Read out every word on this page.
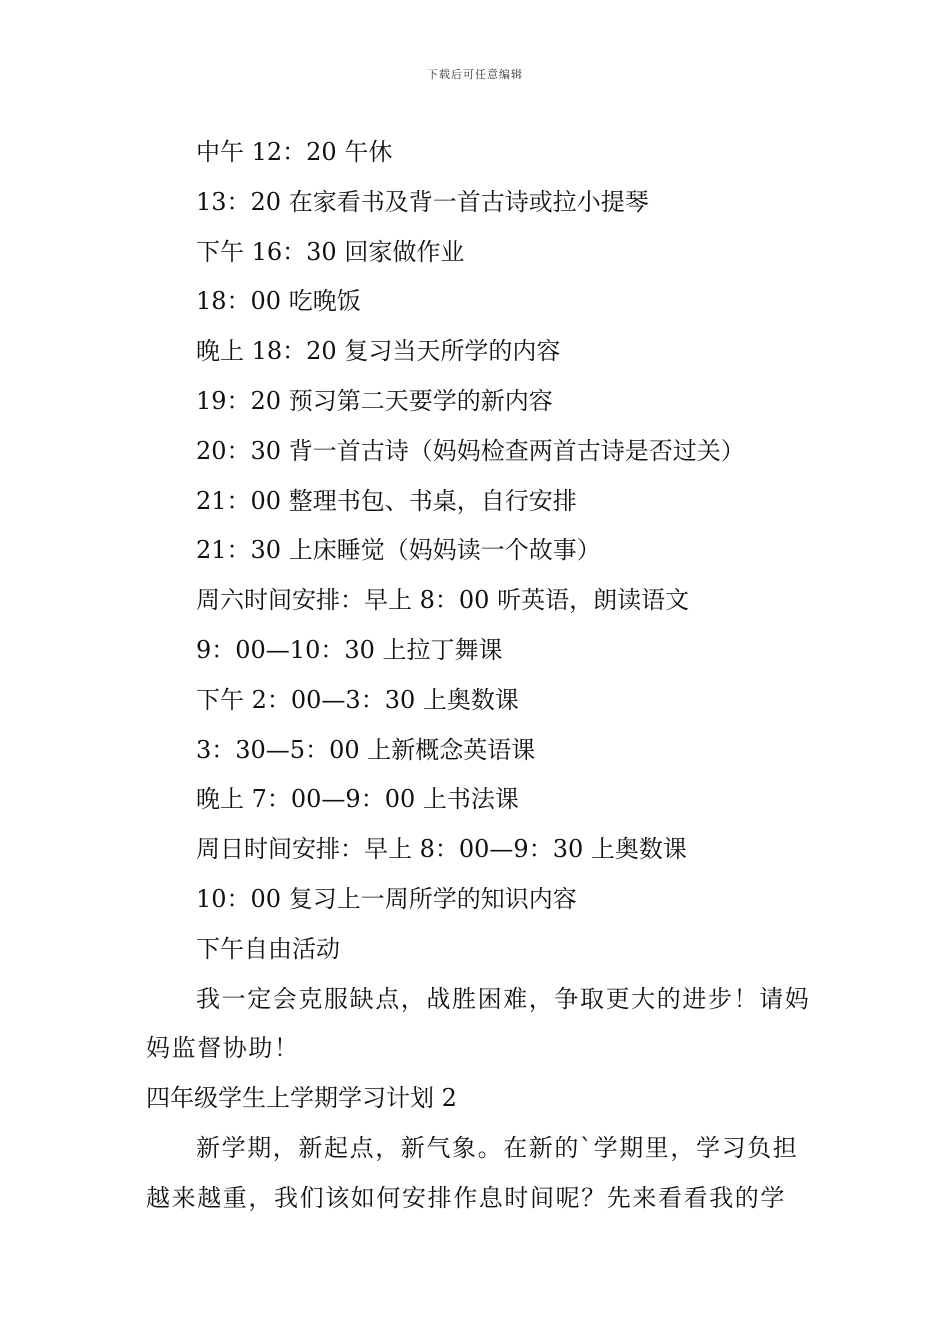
下载后可任意编辑
中午 12：20 午休
13：20 在家看书及背一首古诗或拉小提琴
下午 16：30 回家做作业
18：00 吃晚饭
晚上 18：20 复习当天所学的内容
19：20 预习第二天要学的新内容
20：30 背一首古诗（妈妈检查两首古诗是否过关）
21：00 整理书包、书桌，自行安排
21：30 上床睡觉（妈妈读一个故事）
周六时间安排：早上 8：00 听英语，朗读语文
9：00—10：30 上拉丁舞课
下午 2：00—3：30 上奥数课
3：30—5：00 上新概念英语课
晚上 7：00—9：00 上书法课
周日时间安排：早上 8：00—9：30 上奥数课
10：00 复习上一周所学的知识内容
下午自由活动
我一定会克服缺点，战胜困难，争取更大的进步！请妈妈监督协助！
四年级学生上学期学习计划 2
新学期，新起点，新气象。在新的`学期里，学习负担越来越重，我们该如何安排作息时间呢？先来看看我的学
